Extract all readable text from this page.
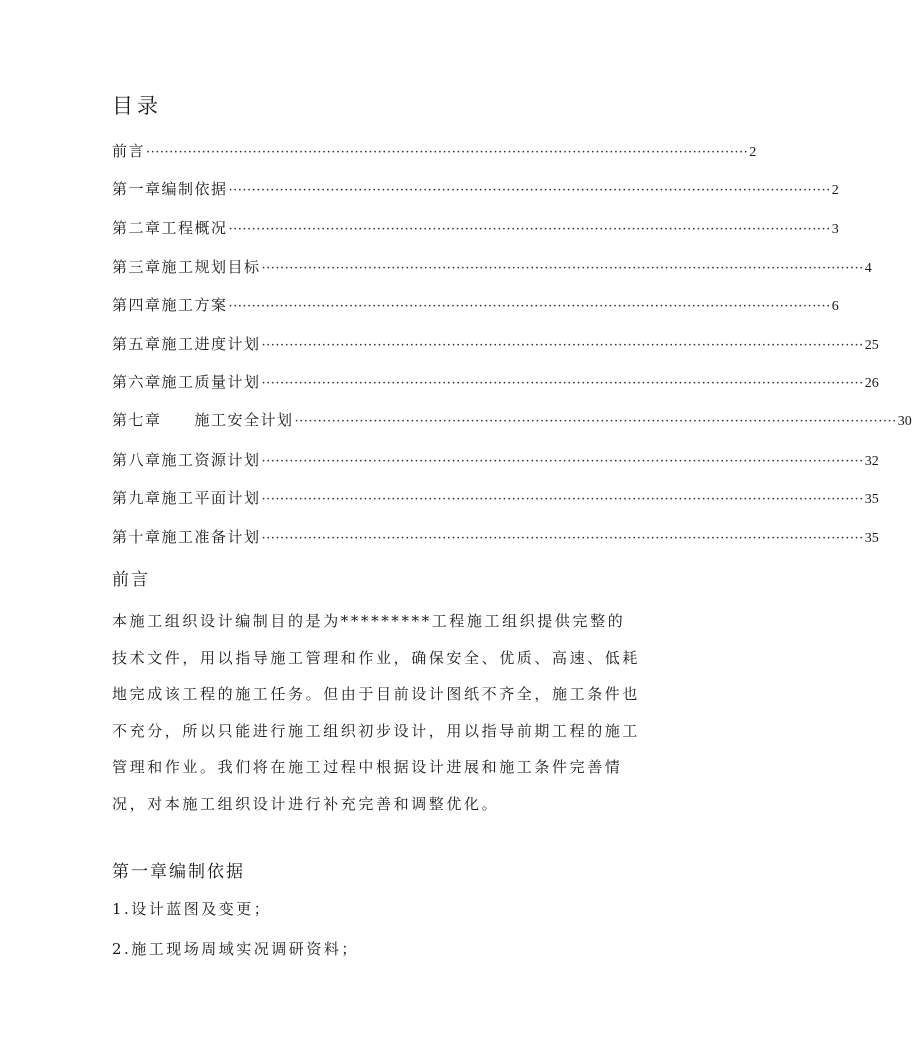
目录
前言 ·································································································································· 2
第一章编制依据 ·································································································································· 2
第二章工程概况 ·································································································································· 3
第三章施工规划目标 ·································································································································· 4
第四章施工方案 ·································································································································· 6
第五章施工进度计划 ·································································································································· 25
第六章施工质量计划 ·································································································································· 26
第七章　　施工安全计划 ·································································································································· 30
第八章施工资源计划 ·································································································································· 32
第九章施工平面计划 ·································································································································· 35
第十章施工准备计划 ·································································································································· 35
前言

本施工组织设计编制目的是为*********工程施工组织提供完整的技术文件，用以指导施工管理和作业，确保安全、优质、高速、低耗地完成该工程的施工任务。但由于目前设计图纸不齐全，施工条件也不充分，所以只能进行施工组织初步设计，用以指导前期工程的施工管理和作业。我们将在施工过程中根据设计进展和施工条件完善情况，对本施工组织设计进行补充完善和调整优化。

第一章编制依据

1.设计蓝图及变更；

2.施工现场周域实况调研资料；
